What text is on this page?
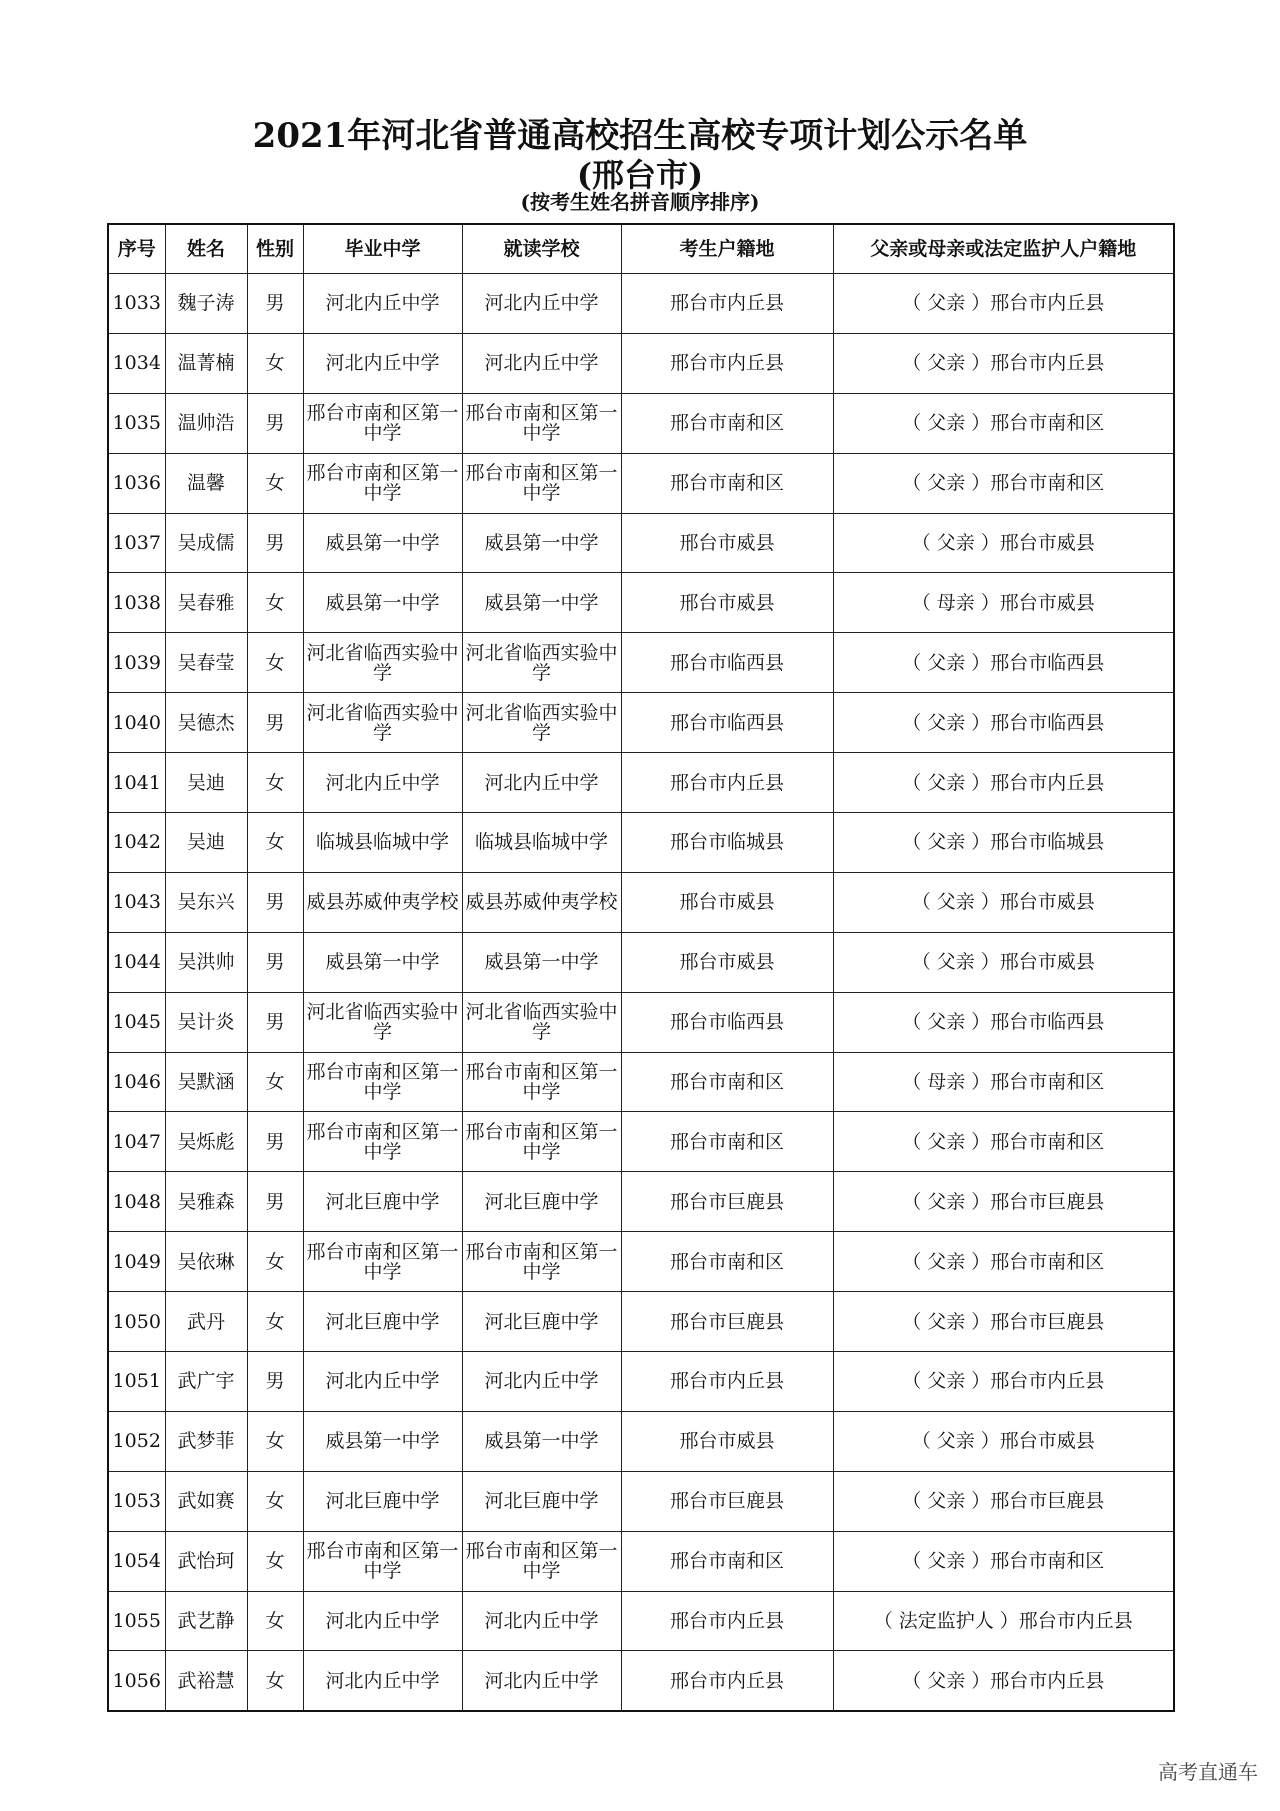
2021年河北省普通高校招生高校专项计划公示名单
(邢台市)
(按考生姓名拼音顺序排序)
序号	姓名	性别	毕业中学	就读学校	考生户籍地	父亲或母亲或法定监护人户籍地
1033	魏子涛	男	河北内丘中学	河北内丘中学	邢台市内丘县	（ 父亲 ）邢台市内丘县
1034	温菁楠	女	河北内丘中学	河北内丘中学	邢台市内丘县	（ 父亲 ）邢台市内丘县
1035	温帅浩	男	邢台市南和区第一中学	邢台市南和区第一中学	邢台市南和区	（ 父亲 ）邢台市南和区
1036	温馨	女	邢台市南和区第一中学	邢台市南和区第一中学	邢台市南和区	（ 父亲 ）邢台市南和区
1037	吴成儒	男	威县第一中学	威县第一中学	邢台市威县	（ 父亲 ）邢台市威县
1038	吴春雅	女	威县第一中学	威县第一中学	邢台市威县	（ 母亲 ）邢台市威县
1039	吴春莹	女	河北省临西实验中学	河北省临西实验中学	邢台市临西县	（ 父亲 ）邢台市临西县
1040	吴德杰	男	河北省临西实验中学	河北省临西实验中学	邢台市临西县	（ 父亲 ）邢台市临西县
1041	吴迪	女	河北内丘中学	河北内丘中学	邢台市内丘县	（ 父亲 ）邢台市内丘县
1042	吴迪	女	临城县临城中学	临城县临城中学	邢台市临城县	（ 父亲 ）邢台市临城县
1043	吴东兴	男	威县苏威仲夷学校	威县苏威仲夷学校	邢台市威县	（ 父亲 ）邢台市威县
1044	吴洪帅	男	威县第一中学	威县第一中学	邢台市威县	（ 父亲 ）邢台市威县
1045	吴计炎	男	河北省临西实验中学	河北省临西实验中学	邢台市临西县	（ 父亲 ）邢台市临西县
1046	吴默涵	女	邢台市南和区第一中学	邢台市南和区第一中学	邢台市南和区	（ 母亲 ）邢台市南和区
1047	吴烁彪	男	邢台市南和区第一中学	邢台市南和区第一中学	邢台市南和区	（ 父亲 ）邢台市南和区
1048	吴雅森	男	河北巨鹿中学	河北巨鹿中学	邢台市巨鹿县	（ 父亲 ）邢台市巨鹿县
1049	吴依琳	女	邢台市南和区第一中学	邢台市南和区第一中学	邢台市南和区	（ 父亲 ）邢台市南和区
1050	武丹	女	河北巨鹿中学	河北巨鹿中学	邢台市巨鹿县	（ 父亲 ）邢台市巨鹿县
1051	武广宇	男	河北内丘中学	河北内丘中学	邢台市内丘县	（ 父亲 ）邢台市内丘县
1052	武梦菲	女	威县第一中学	威县第一中学	邢台市威县	（ 父亲 ）邢台市威县
1053	武如赛	女	河北巨鹿中学	河北巨鹿中学	邢台市巨鹿县	（ 父亲 ）邢台市巨鹿县
1054	武怡珂	女	邢台市南和区第一中学	邢台市南和区第一中学	邢台市南和区	（ 父亲 ）邢台市南和区
1055	武艺静	女	河北内丘中学	河北内丘中学	邢台市内丘县	（ 法定监护人 ）邢台市内丘县
1056	武裕慧	女	河北内丘中学	河北内丘中学	邢台市内丘县	（ 父亲 ）邢台市内丘县
高考直通车
